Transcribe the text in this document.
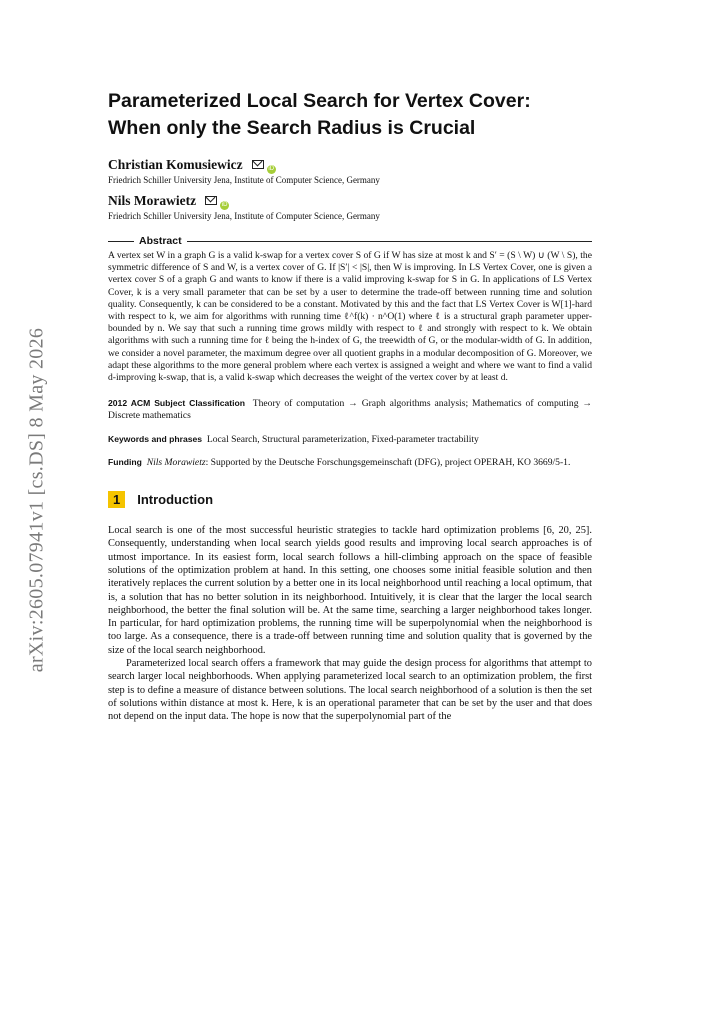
arXiv:2605.07941v1 [cs.DS] 8 May 2026
Parameterized Local Search for Vertex Cover:
When only the Search Radius is Crucial
Christian Komusiewicz	iD
Friedrich Schiller University Jena, Institute of Computer Science, Germany
Nils Morawietz	iD
Friedrich Schiller University Jena, Institute of Computer Science, Germany
Abstract

A vertex set W in a graph G is a valid k-swap for a vertex cover S of G if W has size at most k and S′ = (S \ W) ∪ (W \ S), the symmetric difference of S and W, is a vertex cover of G. If |S′| < |S|, then W is improving. In LS Vertex Cover, one is given a vertex cover S of a graph G and wants to know if there is a valid improving k-swap for S in G. In applications of LS Vertex Cover, k is a very small parameter that can be set by a user to determine the trade-off between running time and solution quality. Consequently, k can be considered to be a constant. Motivated by this and the fact that LS Vertex Cover is W[1]-hard with respect to k, we aim for algorithms with running time ℓ^f(k) · n^O(1) where ℓ is a structural graph parameter upper-bounded by n. We say that such a running time grows mildly with respect to ℓ and strongly with respect to k. We obtain algorithms with such a running time for ℓ being the h-index of G, the treewidth of G, or the modular-width of G. In addition, we consider a novel parameter, the maximum degree over all quotient graphs in a modular decomposition of G. Moreover, we adapt these algorithms to the more general problem where each vertex is assigned a weight and where we want to find a valid d-improving k-swap, that is, a valid k-swap which decreases the weight of the vertex cover by at least d.

2012 ACM Subject Classification Theory of computation → Graph algorithms analysis; Mathematics of computing → Discrete mathematics
Keywords and phrases Local Search, Structural parameterization, Fixed-parameter tractability
Funding Nils Morawietz: Supported by the Deutsche Forschungsgemeinschaft (DFG), project OPERAH, KO 3669/5-1.
1	Introduction

Local search is one of the most successful heuristic strategies to tackle hard optimization problems [6, 20, 25]. Consequently, understanding when local search yields good results and improving local search approaches is of utmost importance. In its easiest form, local search follows a hill-climbing approach on the space of feasible solutions of the optimization problem at hand. In this setting, one chooses some initial feasible solution and then iteratively replaces the current solution by a better one in its local neighborhood until reaching a local optimum, that is, a solution that has no better solution in its neighborhood. Intuitively, it is clear that the larger the local search neighborhood, the better the final solution will be. At the same time, searching a larger neighborhood takes longer. In particular, for hard optimization problems, the running time will be superpolynomial when the neighborhood is too large. As a consequence, there is a trade-off between running time and solution quality that is governed by the size of the local search neighborhood.

Parameterized local search offers a framework that may guide the design process for algorithms that attempt to search larger local neighborhoods. When applying parameterized local search to an optimization problem, the first step is to define a measure of distance between solutions. The local search neighborhood of a solution is then the set of solutions within distance at most k. Here, k is an operational parameter that can be set by the user and that does not depend on the input data. The hope is now that the superpolynomial part of the
